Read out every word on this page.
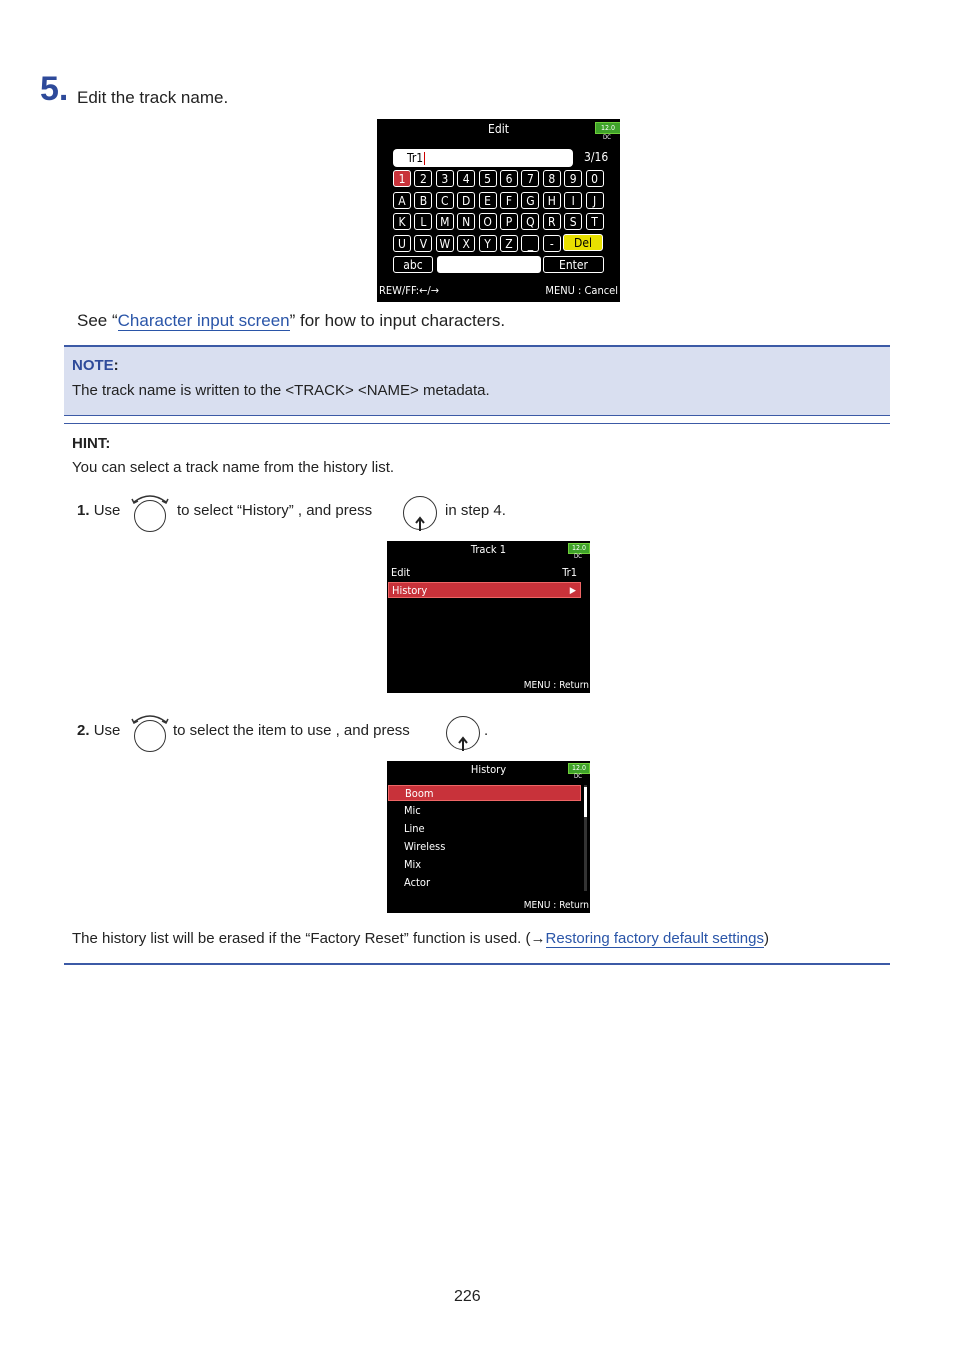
5. Edit the track name.
Edit	12.0
DC
Tr1	3/16
1	2	3	4	5	6	7	8	9	0
A	B	C	D	E	F	G	H	I	J
K	L	M	N	O	P	Q	R	S	T
U	V	W	X	Y	Z	_	-	Del
abc	Enter
REW/FF:←/→	MENU : Cancel
See “Character input screen” for how to input characters.
NOTE:
The track name is written to the <TRACK> <NAME> metadata.
HINT:
You can select a track name from the history list.
1. Use	to select “History” , and press	in step 4.
2. Use	to select the item to use , and press	.
The history list will be erased if the “Factory Reset” function is used. (→Restoring factory default settings)
Track 1	12.0
DC
Edit	Tr1
History	▶
MENU : Return
History	12.0
DC
Boom
Mic
Line
Wireless
Mix
Actor
MENU : Return
226
